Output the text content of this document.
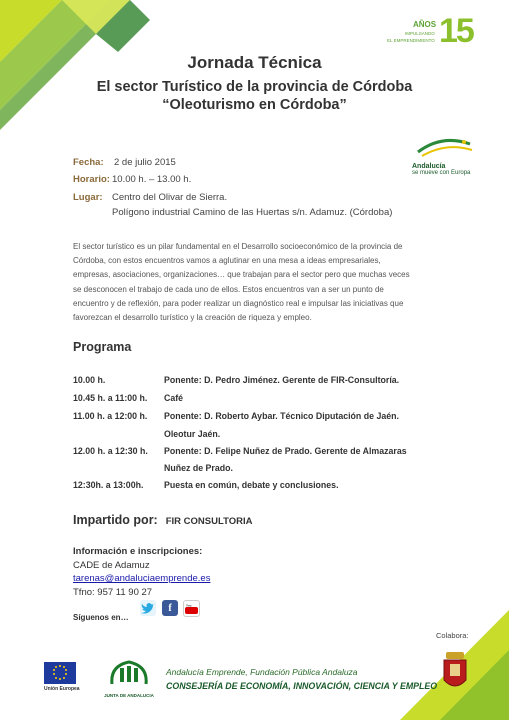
15
AÑOS
IMPULSANDO
EL EMPRENDIMIENTO
Jornada Técnica
El sector Turístico de la provincia de Córdoba
“Oleoturismo en Córdoba”
Andalucía
se mueve con Europa
Fecha: 2 de julio 2015
Horario: 10.00 h. – 13.00 h.
Lugar: Centro del Olivar de Sierra.
Polígono industrial Camino de las Huertas s/n. Adamuz. (Córdoba)
El sector turístico es un pilar fundamental en el Desarrollo socioeconómico de la provincia de
Córdoba, con estos encuentros vamos a aglutinar en una mesa a ideas empresariales,
empresas, asociaciones, organizaciones… que trabajan para el sector pero que muchas veces
se desconocen el trabajo de cada uno de ellos. Estos encuentros van a ser un punto de
encuentro y de reflexión, para poder realizar un diagnóstico real e impulsar las iniciativas que
favorezcan el desarrollo turístico y la creación de riqueza y empleo.
Programa
10.00 h.	Ponente: D. Pedro Jiménez. Gerente de FIR-Consultoría.
10.45 h. a 11:00 h. Café
11.00 h. a 12:00 h. Ponente: D. Roberto Aybar. Técnico Diputación de Jaén.
Oleotur Jaén.
12.00 h. a 12:30 h. Ponente: D. Felipe Nuñez de Prado. Gerente de Almazaras
Nuñez de Prado.
12:30h. a 13:00h. Puesta en común, debate y conclusiones.
Impartido por: FIR CONSULTORIA
Información e inscripciones:
CADE de Adamuz
tarenas@andaluciaemprende.es
Tfno: 957 11 90 27
Síguenos en…
f	You
Colabora:
Unión Europea
JUNTA DE ANDALUCIA
Andalucía Emprende, Fundación Pública Andaluza
CONSEJERÍA DE ECONOMÍA, INNOVACIÓN, CIENCIA Y EMPLEO
